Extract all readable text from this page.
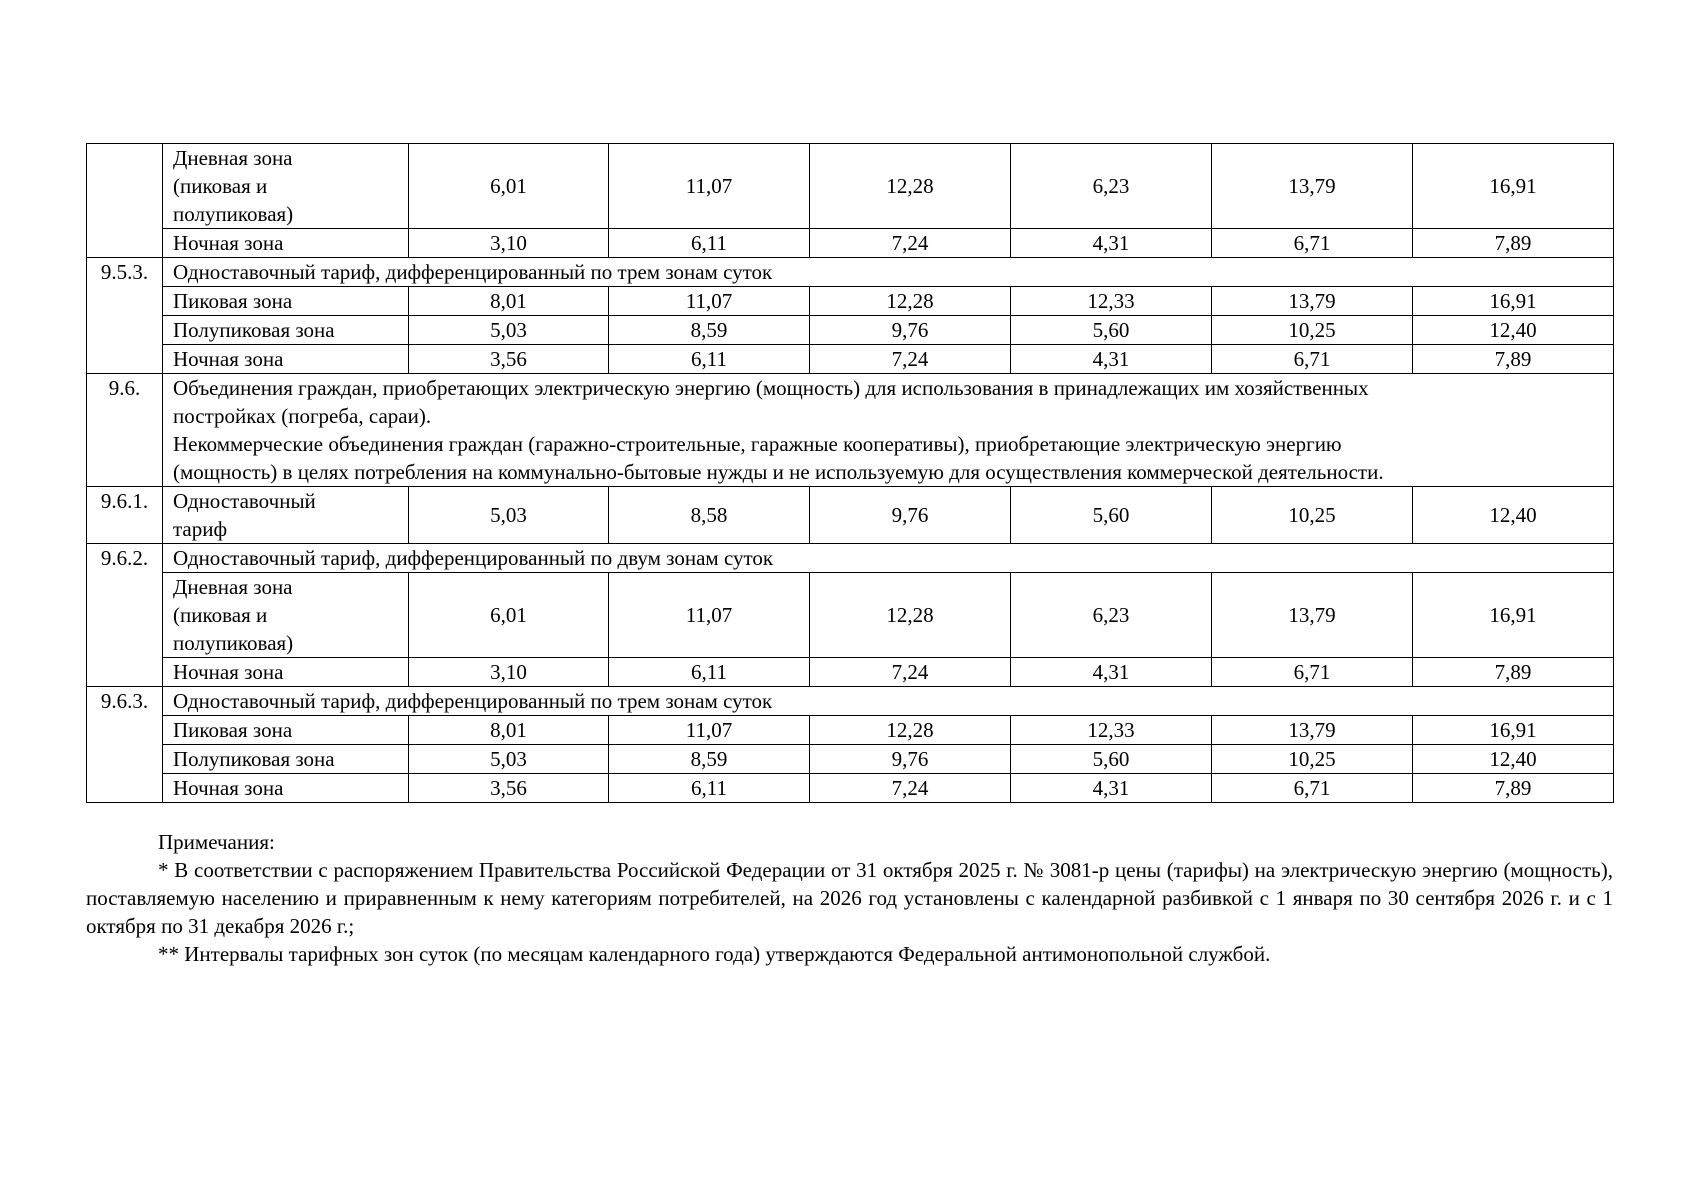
	Дневная зона
(пиковая и
полупиковая)	6,01	11,07	12,28	6,23	13,79	16,91
	Ночная зона	3,10	6,11	7,24	4,31	6,71	7,89
9.5.3.	Одноставочный тариф, дифференцированный по трем зонам суток						
	Пиковая зона	8,01	11,07	12,28	12,33	13,79	16,91
	Полупиковая зона	5,03	8,59	9,76	5,60	10,25	12,40
	Ночная зона	3,56	6,11	7,24	4,31	6,71	7,89
9.6.	Объединения граждан, приобретающих электрическую энергию (мощность) для использования в принадлежащих им хозяйственных
постройках (погреба, сараи).
Некоммерческие объединения граждан (гаражно-строительные, гаражные кооперативы), приобретающие электрическую энергию
(мощность) в целях потребления на коммунально-бытовые нужды и не используемую для осуществления коммерческой деятельности.						

9.6.1.	Одноставочный
тариф	5,03	8,58	9,76	5,60	10,25	12,40
9.6.2.	Одноставочный тариф, дифференцированный по двум зонам суток						

	Дневная зона
(пиковая и
полупиковая)	6,01	11,07	12,28	6,23	13,79	16,91
	Ночная зона	3,10	6,11	7,24	4,31	6,71	7,89
9.6.3.	Одноставочный тариф, дифференцированный по трем зонам суток						
	Пиковая зона	8,01	11,07	12,28	12,33	13,79	16,91
	Полупиковая зона	5,03	8,59	9,76	5,60	10,25	12,40
	Ночная зона	3,56	6,11	7,24	4,31	6,71	7,89

Примечания:

* В соответствии с распоряжением Правительства Российской Федерации от 31 октября 2025 г. № 3081-р цены (тарифы) на электрическую энергию (мощность), поставляемую населению и приравненным к нему категориям потребителей, на 2026 год установлены с календарной разбивкой с 1 января по 30 сентября 2026 г. и с 1 октября по 31 декабря 2026 г.;

** Интервалы тарифных зон суток (по месяцам календарного года) утверждаются Федеральной антимонопольной службой.
